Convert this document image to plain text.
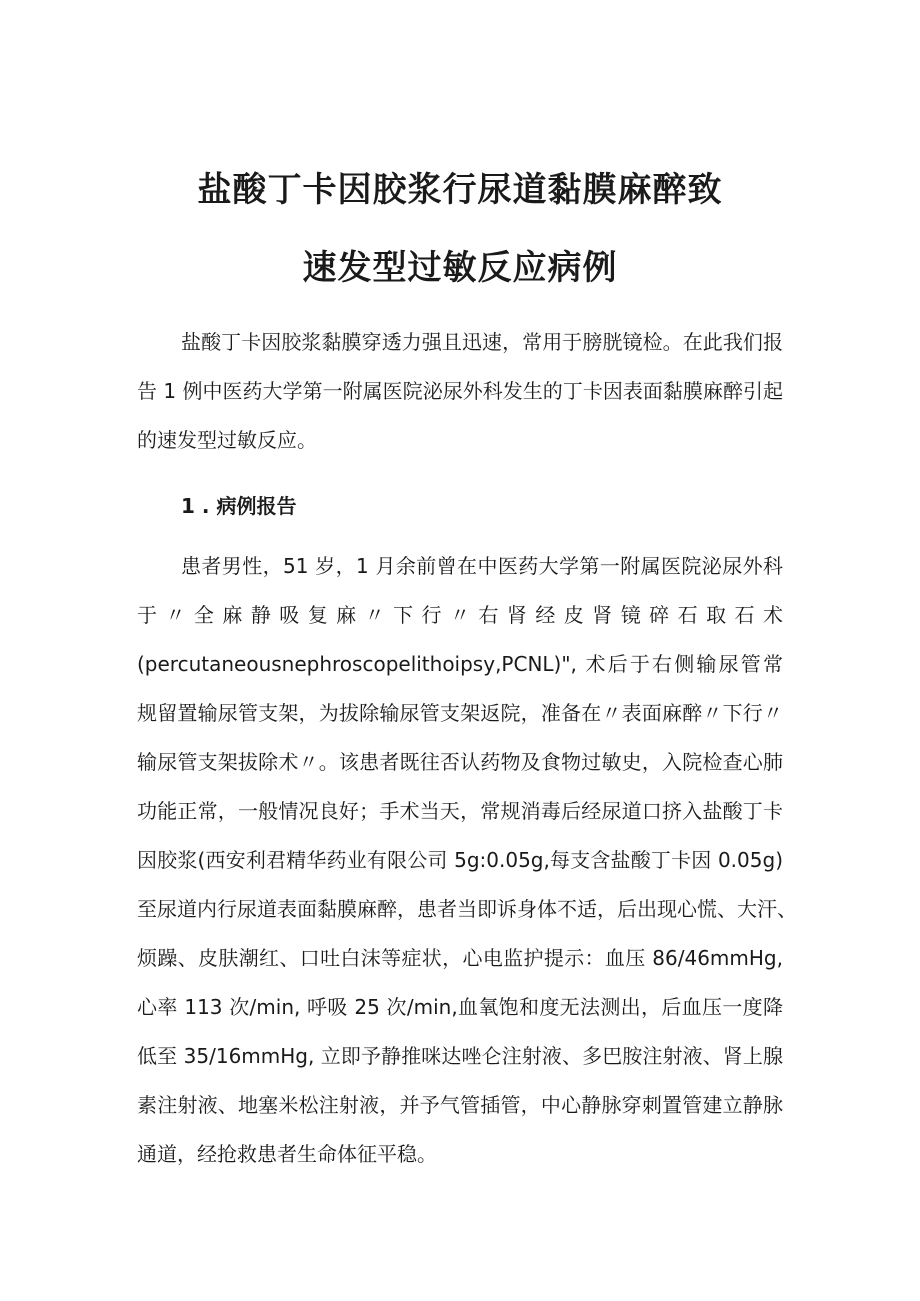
盐酸丁卡因胶浆行尿道黏膜麻醉致
速发型过敏反应病例
盐酸丁卡因胶浆黏膜穿透力强且迅速，常用于膀胱镜检。在此我们报
告 1 例中医药大学第一附属医院泌尿外科发生的丁卡因表面黏膜麻醉引起
的速发型过敏反应。
1 . 病例报告
患者男性，51 岁，1 月余前曾在中医药大学第一附属医院泌尿外科
于 〃 全 麻 静 吸 复 麻 〃 下 行 〃 右 肾 经 皮 肾 镜 碎 石 取 石 术
(percutaneousnephroscopelithoipsy,PCNL)", 术后于右侧输尿管常
规留置输尿管支架，为拔除输尿管支架返院，准备在〃表面麻醉〃下行〃
输尿管支架拔除术〃。该患者既往否认药物及食物过敏史，入院检查心肺
功能正常，一般情况良好；手术当天，常规消毒后经尿道口挤入盐酸丁卡
因胶浆(西安利君精华药业有限公司 5g:0.05g,每支含盐酸丁卡因 0.05g)
至尿道内行尿道表面黏膜麻醉，患者当即诉身体不适，后出现心慌、大汗、
烦躁、皮肤潮红、口吐白沫等症状，心电监护提示：血压 86/46mmHg,
心率 113 次/min, 呼吸 25 次/min,血氧饱和度无法测出，后血压一度降
低至 35/16mmHg, 立即予静推咪达唑仑注射液、多巴胺注射液、肾上腺
素注射液、地塞米松注射液，并予气管插管，中心静脉穿刺置管建立静脉
通道，经抢救患者生命体征平稳。
